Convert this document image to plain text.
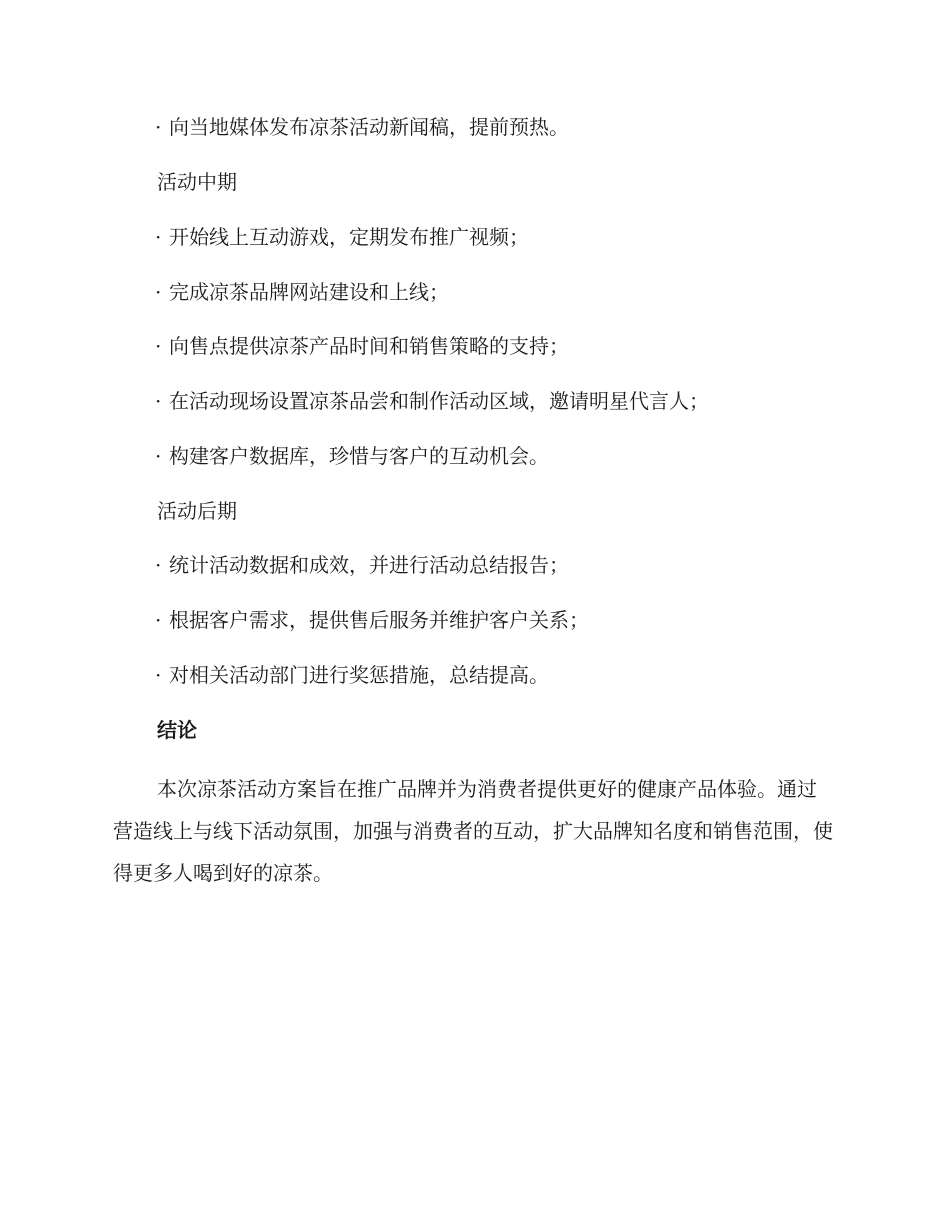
· 向当地媒体发布凉茶活动新闻稿，提前预热。
活动中期
· 开始线上互动游戏，定期发布推广视频；
· 完成凉茶品牌网站建设和上线；
· 向售点提供凉茶产品时间和销售策略的支持；
· 在活动现场设置凉茶品尝和制作活动区域，邀请明星代言人；
· 构建客户数据库，珍惜与客户的互动机会。
活动后期
· 统计活动数据和成效，并进行活动总结报告；
· 根据客户需求，提供售后服务并维护客户关系；
· 对相关活动部门进行奖惩措施，总结提高。
结论

本次凉茶活动方案旨在推广品牌并为消费者提供更好的健康产品体验。通过营造线上与线下活动氛围，加强与消费者的互动，扩大品牌知名度和销售范围，使得更多人喝到好的凉茶。
